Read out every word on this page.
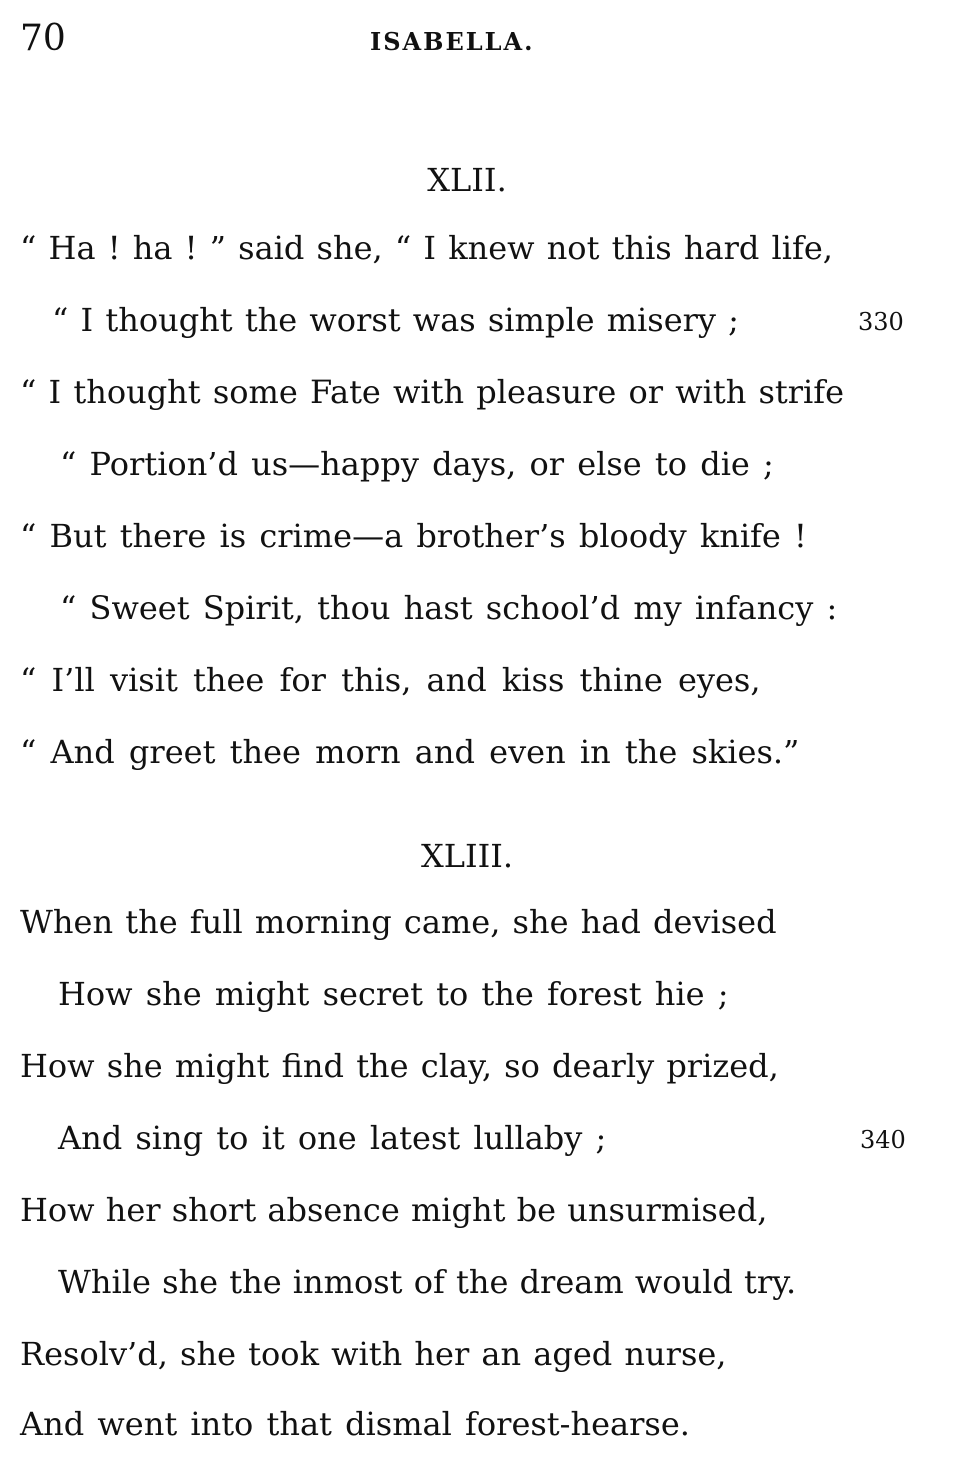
70	ISABELLA.
XLII.
“ Ha ! ha ! ” said she, “ I knew not this hard life,
“ I thought the worst was simple misery ;	330
“ I thought some Fate with pleasure or with strife
“ Portion’d us—happy days, or else to die ;
“ But there is crime—a brother’s bloody knife !
“ Sweet Spirit, thou hast school’d my infancy :
“ I’ll visit thee for this, and kiss thine eyes,
“ And greet thee morn and even in the skies.”
XLIII.
When the full morning came, she had devised
How she might secret to the forest hie ;
How she might find the clay, so dearly prized,
And sing to it one latest lullaby ;	340
How her short absence might be unsurmised,
While she the inmost of the dream would try.
Resolv’d, she took with her an aged nurse,
And went into that dismal forest-hearse.
